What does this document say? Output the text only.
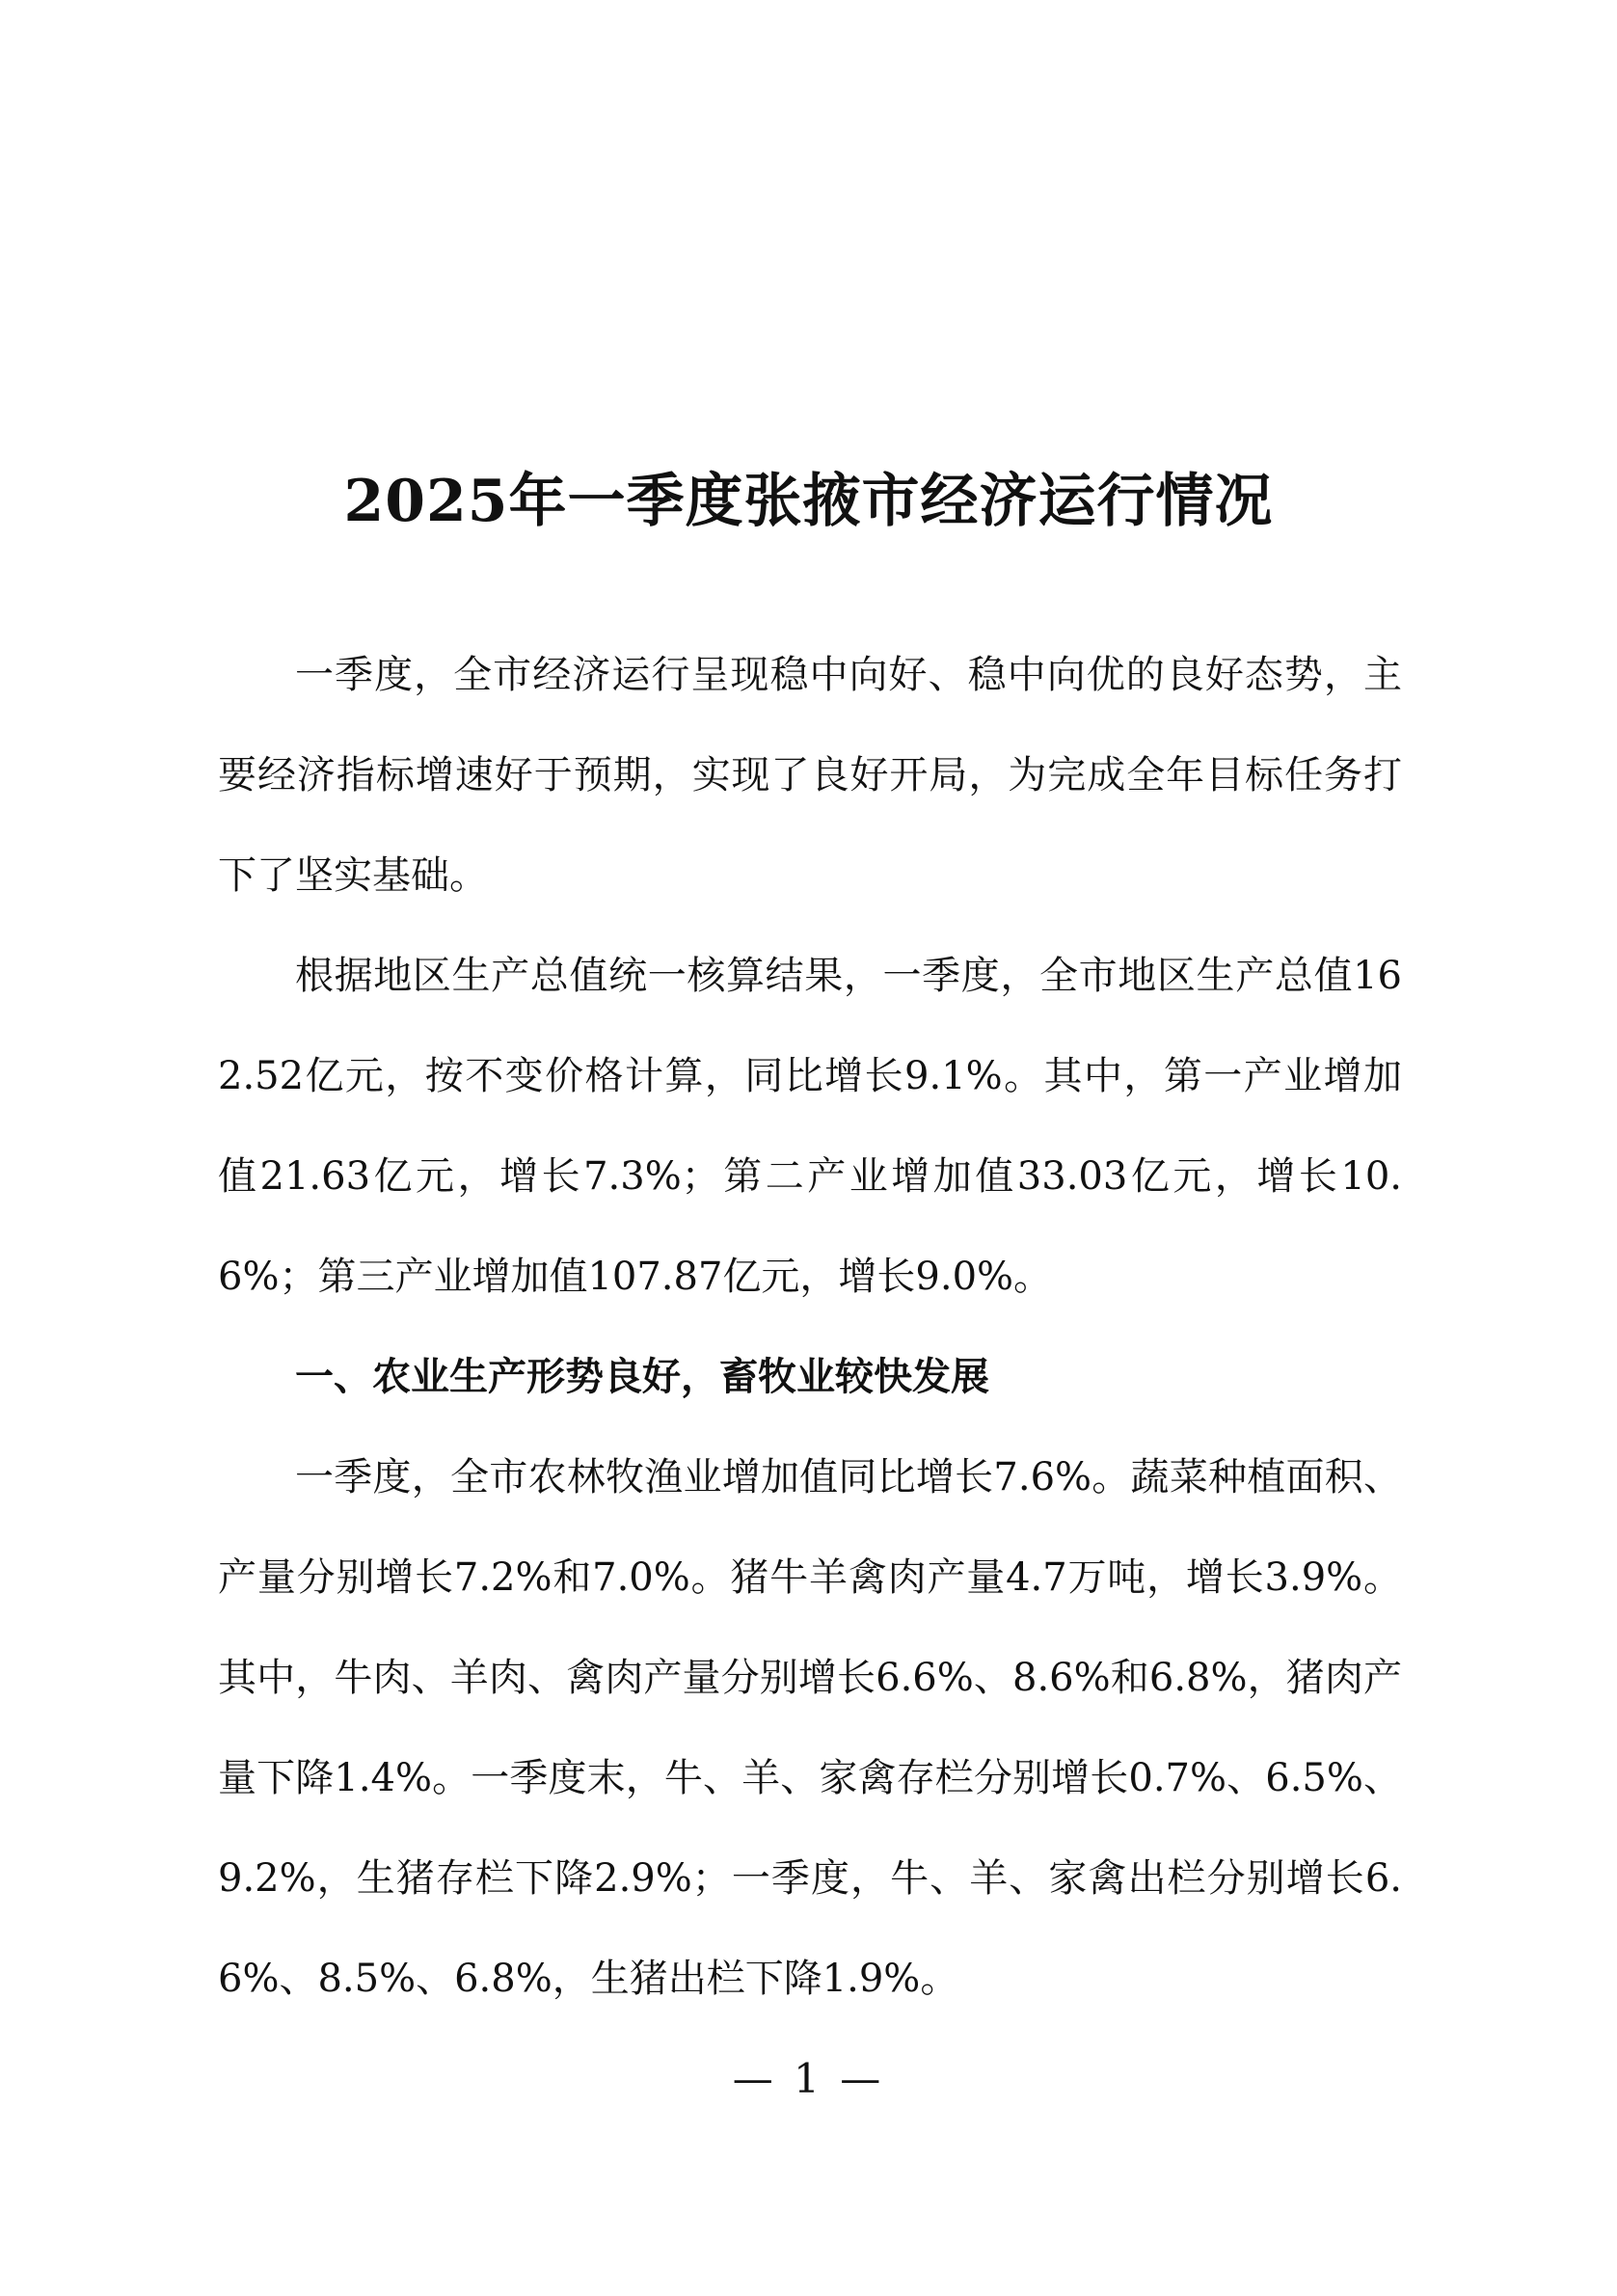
2025年一季度张掖市经济运行情况

一季度，全市经济运行呈现稳中向好、稳中向优的良好态势，主要经济指标增速好于预期，实现了良好开局，为完成全年目标任务打下了坚实基础。

根据地区生产总值统一核算结果，一季度，全市地区生产总值162.52亿元，按不变价格计算，同比增长9.1%。其中，第一产业增加值21.63亿元，增长7.3%；第二产业增加值33.03亿元，增长10.6%；第三产业增加值107.87亿元，增长9.0%。

一、农业生产形势良好，畜牧业较快发展

一季度，全市农林牧渔业增加值同比增长7.6%。蔬菜种植面积、产量分别增长7.2%和7.0%。猪牛羊禽肉产量4.7万吨，增长3.9%。其中，牛肉、羊肉、禽肉产量分别增长6.6%、8.6%和6.8%，猪肉产量下降1.4%。一季度末，牛、羊、家禽存栏分别增长0.7%、6.5%、9.2%，生猪存栏下降2.9%；一季度，牛、羊、家禽出栏分别增长6.6%、8.5%、6.8%，生猪出栏下降1.9%。

— 1 —
